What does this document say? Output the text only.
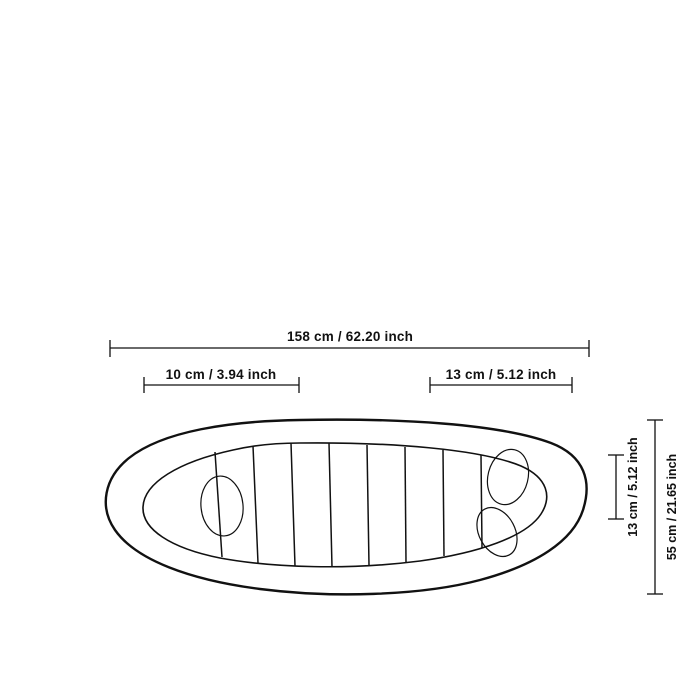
158 cm / 62.20 inch
10 cm / 3.94 inch	13 cm / 5.12 inch
13 cm / 5.12 inch 55 cm / 21.65 inch
